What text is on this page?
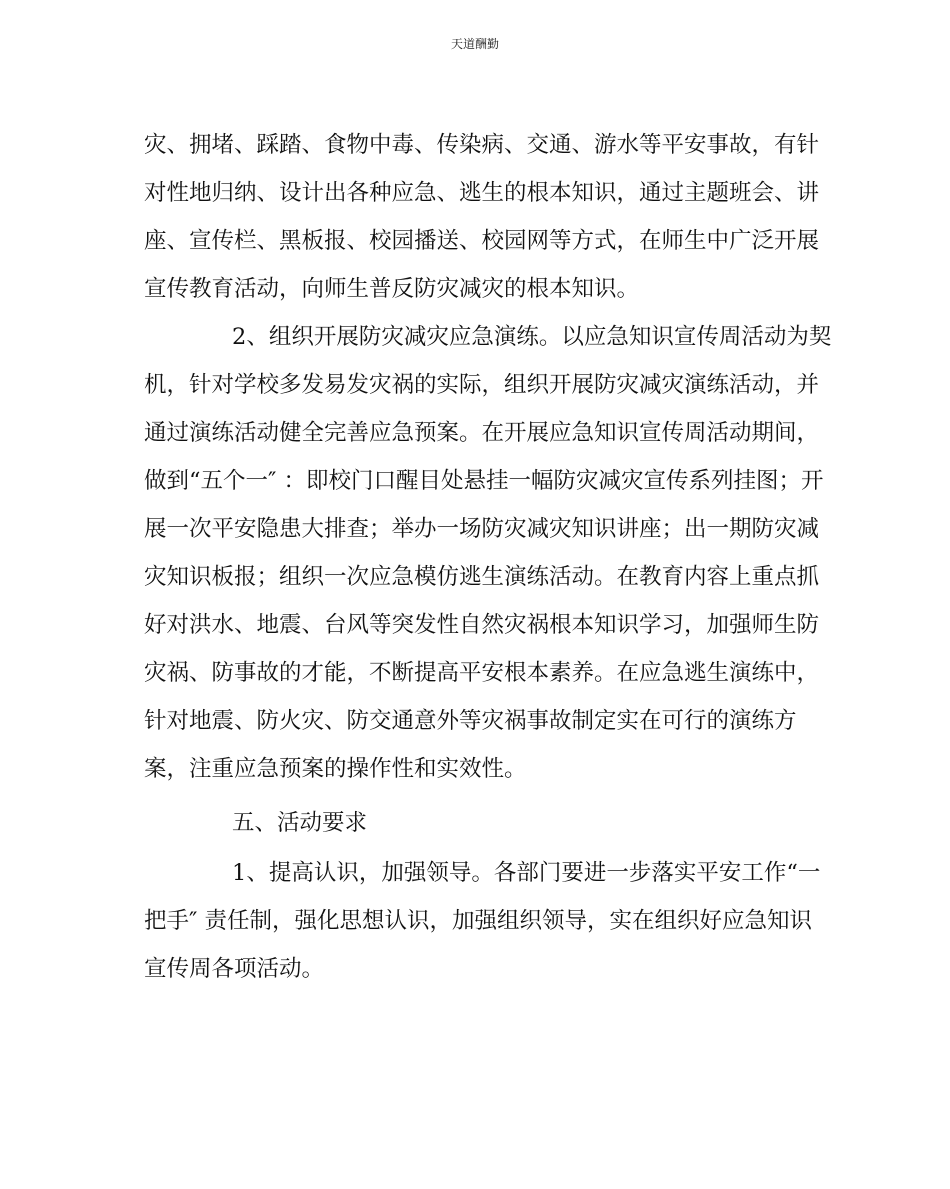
天道酬勤
灾、拥堵、踩踏、食物中毒、传染病、交通、游水等平安事故，有针
对性地归纳、设计出各种应急、逃生的根本知识，通过主题班会、讲
座、宣传栏、黑板报、校园播送、校园网等方式，在师生中广泛开展
宣传教育活动，向师生普反防灾减灾的根本知识。
2、组织开展防灾减灾应急演练。以应急知识宣传周活动为契
机，针对学校多发易发灾祸的实际，组织开展防灾减灾演练活动，并
通过演练活动健全完善应急预案。在开展应急知识宣传周活动期间，
做到“五个一″ ：即校门口醒目处悬挂一幅防灾减灾宣传系列挂图；开
展一次平安隐患大排查；举办一场防灾减灾知识讲座；出一期防灾减
灾知识板报；组织一次应急模仿逃生演练活动。在教育内容上重点抓
好对洪水、地震、台风等突发性自然灾祸根本知识学习，加强师生防
灾祸、防事故的才能，不断提高平安根本素养。在应急逃生演练中，
针对地震、防火灾、防交通意外等灾祸事故制定实在可行的演练方
案，注重应急预案的操作性和实效性。
五、活动要求
1、提高认识，加强领导。各部门要进一步落实平安工作“一
把手″ 责任制，强化思想认识，加强组织领导，实在组织好应急知识
宣传周各项活动。
